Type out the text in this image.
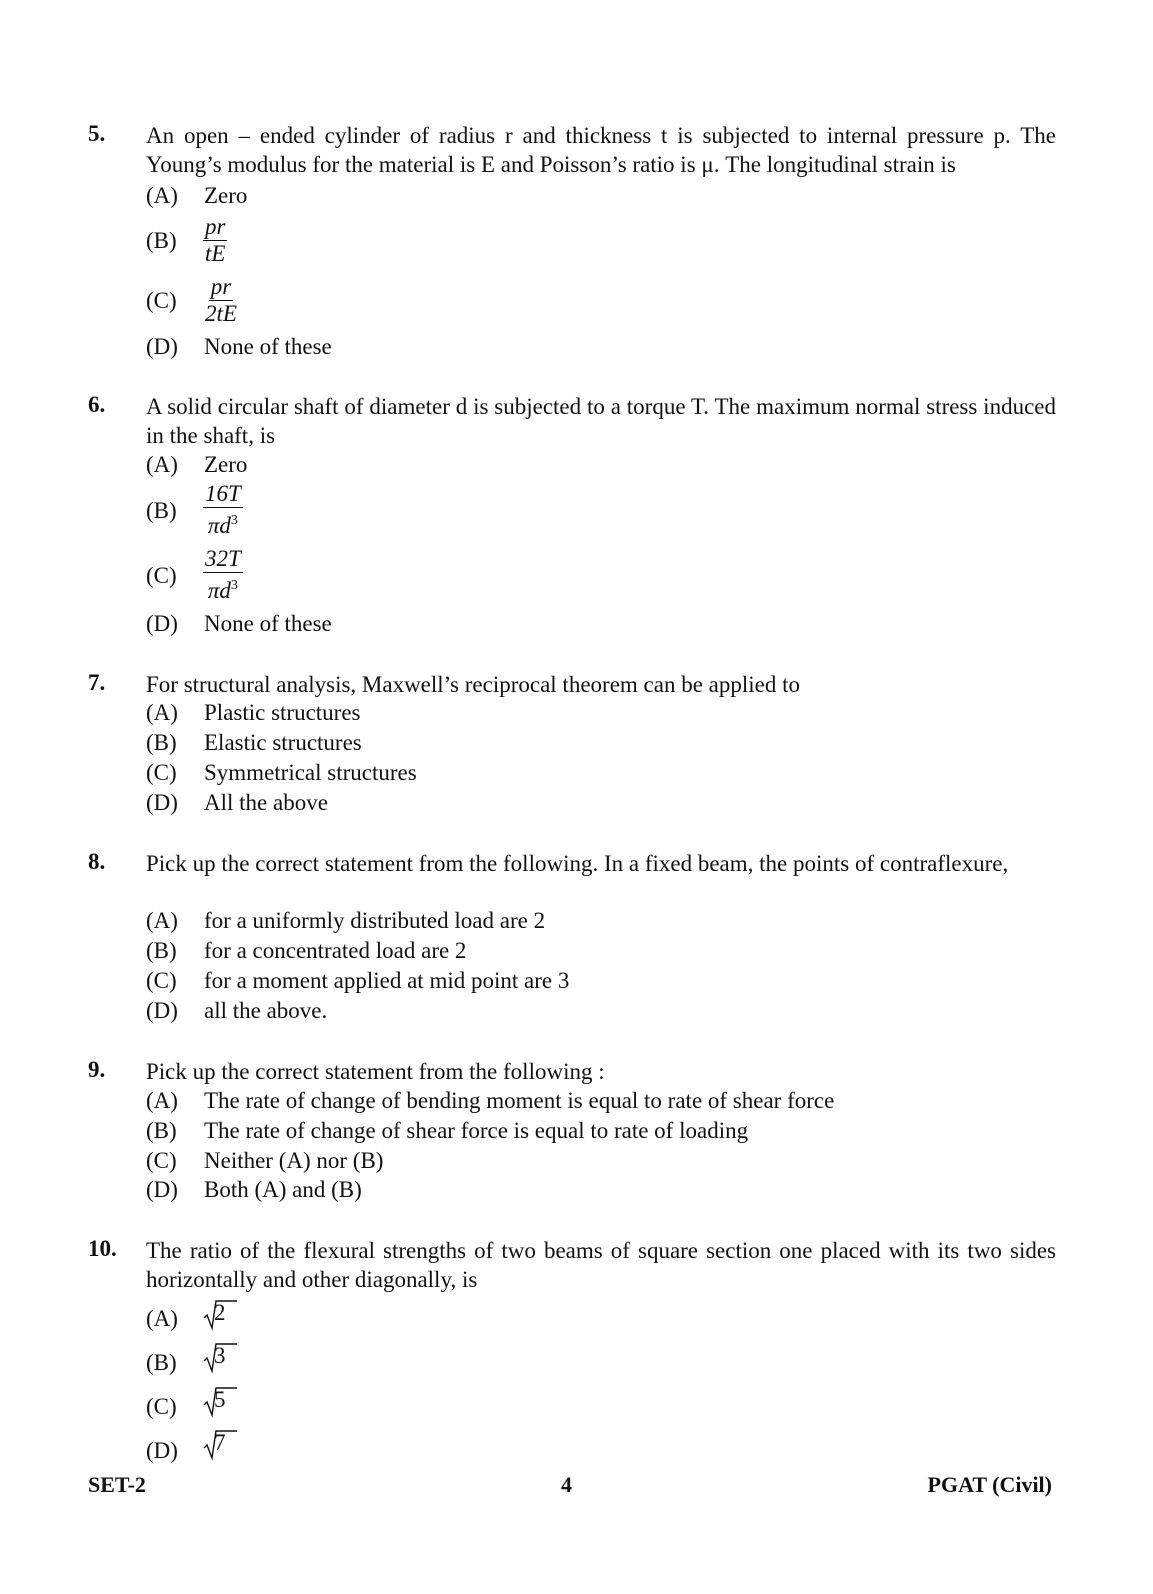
5. An open – ended cylinder of radius r and thickness t is subjected to internal pressure p. The Young’s modulus for the material is E and Poisson’s ratio is μ. The longitudinal strain is
(A) Zero
$(B) \frac{pr}{tE}$
$(C) \frac{pr}{2tE}$
(D) None of these
6. A solid circular shaft of diameter d is subjected to a torque T. The maximum normal stress induced in the shaft, is
(A) Zero
$(B) \frac{16T}{\pi d^3}$
$(C) \frac{32T}{\pi d^3}$
(D) None of these
7. For structural analysis, Maxwell’s reciprocal theorem can be applied to
(A) Plastic structures
(B) Elastic structures
(C) Symmetrical structures
(D) All the above
8. Pick up the correct statement from the following. In a fixed beam, the points of contraflexure,
(A) for a uniformly distributed load are 2
(B) for a concentrated load are 2
(C) for a moment applied at mid point are 3
(D) all the above.
9. Pick up the correct statement from the following :
(A) The rate of change of bending moment is equal to rate of shear force
(B) The rate of change of shear force is equal to rate of loading
(C) Neither (A) nor (B)
(D) Both (A) and (B)
10. The ratio of the flexural strengths of two beams of square section one placed with its two sides horizontally and other diagonally, is
(A) 2
(B) 3
(C) 5
(D) 7
SET-2	4	PGAT (Civil)
